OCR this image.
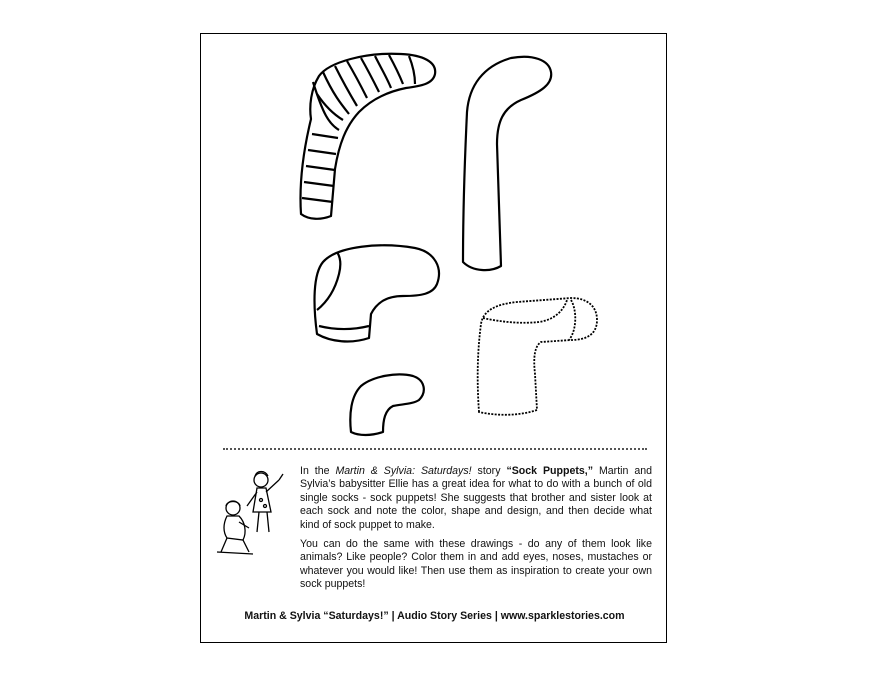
In the Martin & Sylvia: Saturdays! story “Sock Puppets,” Martin and Sylvia’s babysitter Ellie has a great idea for what to do with a bunch of old single socks - sock puppets! She suggests that brother and sister look at each sock and note the color, shape and design, and then decide what kind of sock puppet to make.

You can do the same with these drawings - do any of them look like animals? Like people? Color them in and add eyes, noses, mustaches or whatever you would like! Then use them as inspiration to create your own sock puppets!

Martin & Sylvia “Saturdays!” | Audio Story Series | www.sparklestories.com
